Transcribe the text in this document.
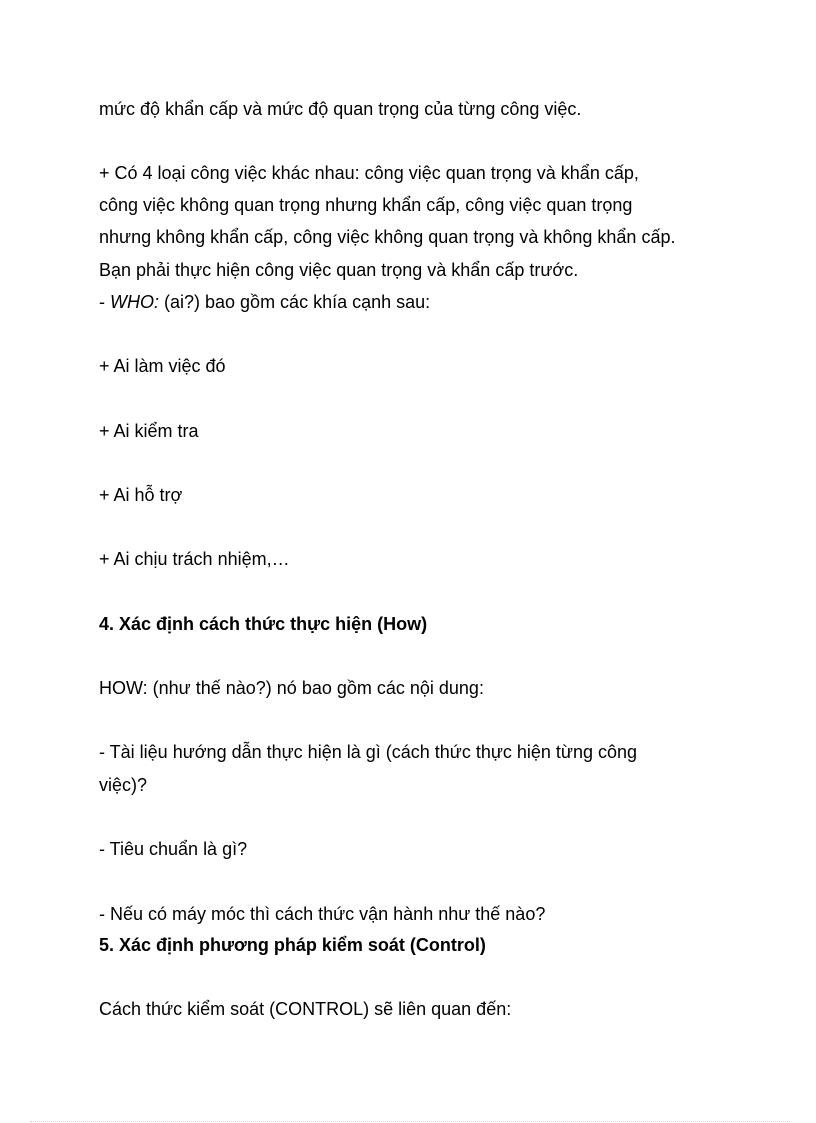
mức độ khẩn cấp và mức độ quan trọng của từng công việc.
+ Có 4 loại công việc khác nhau: công việc quan trọng và khẩn cấp,
công việc không quan trọng nhưng khẩn cấp, công việc quan trọng
nhưng không khẩn cấp, công việc không quan trọng và không khẩn cấp.
Bạn phải thực hiện công việc quan trọng và khẩn cấp trước.
- WHO: (ai?) bao gồm các khía cạnh sau:
+ Ai làm việc đó
+ Ai kiểm tra
+ Ai hỗ trợ
+ Ai chịu trách nhiệm,…
4. Xác định cách thức thực hiện (How)
HOW: (như thế nào?) nó bao gồm các nội dung:
- Tài liệu hướng dẫn thực hiện là gì (cách thức thực hiện từng công
việc)?
- Tiêu chuẩn là gì?
- Nếu có máy móc thì cách thức vận hành như thế nào?
5. Xác định phương pháp kiểm soát (Control)
Cách thức kiểm soát (CONTROL) sẽ liên quan đến:
